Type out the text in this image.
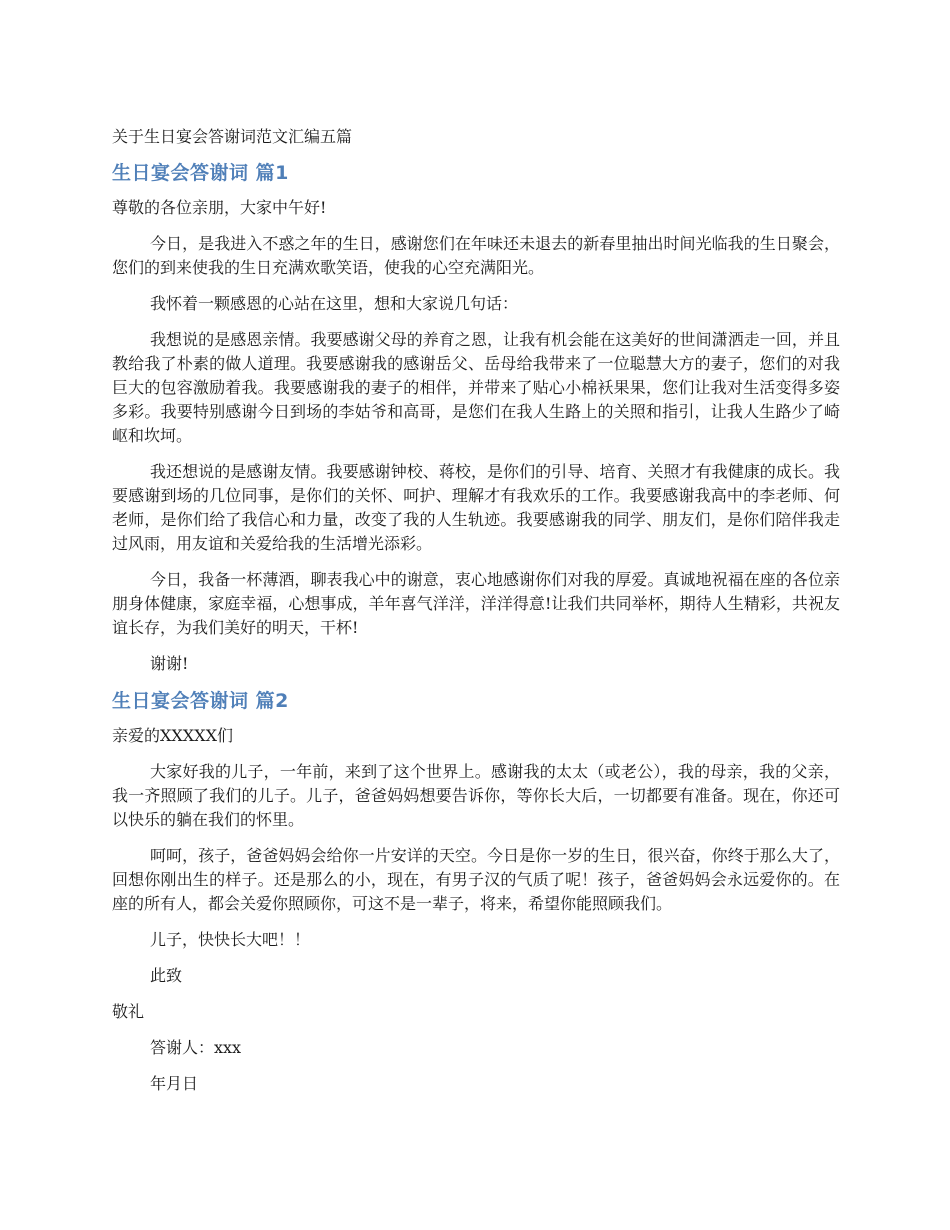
关于生日宴会答谢词范文汇编五篇
生日宴会答谢词 篇1

尊敬的各位亲朋，大家中午好!

今日，是我进入不惑之年的生日，感谢您们在年味还未退去的新春里抽出时间光临我的生日聚会，您们的到来使我的生日充满欢歌笑语，使我的心空充满阳光。

我怀着一颗感恩的心站在这里，想和大家说几句话：

我想说的是感恩亲情。我要感谢父母的养育之恩，让我有机会能在这美好的世间潇洒走一回，并且教给我了朴素的做人道理。我要感谢我的感谢岳父、岳母给我带来了一位聪慧大方的妻子，您们的对我巨大的包容激励着我。我要感谢我的妻子的相伴，并带来了贴心小棉袄果果，您们让我对生活变得多姿多彩。我要特别感谢今日到场的李姑爷和高哥，是您们在我人生路上的关照和指引，让我人生路少了崎岖和坎坷。

我还想说的是感谢友情。我要感谢钟校、蒋校，是你们的引导、培育、关照才有我健康的成长。我要感谢到场的几位同事，是你们的关怀、呵护、理解才有我欢乐的工作。我要感谢我高中的李老师、何老师，是你们给了我信心和力量，改变了我的人生轨迹。我要感谢我的同学、朋友们，是你们陪伴我走过风雨，用友谊和关爱给我的生活增光添彩。

今日，我备一杯薄酒，聊表我心中的谢意，衷心地感谢你们对我的厚爱。真诚地祝福在座的各位亲朋身体健康，家庭幸福，心想事成，羊年喜气洋洋，洋洋得意!让我们共同举杯，期待人生精彩，共祝友谊长存，为我们美好的明天，干杯!

谢谢!

生日宴会答谢词 篇2

亲爱的XXXXX们

大家好我的儿子，一年前，来到了这个世界上。感谢我的太太（或老公），我的母亲，我的父亲，我一齐照顾了我们的儿子。儿子，爸爸妈妈想要告诉你，等你长大后，一切都要有准备。现在，你还可以快乐的躺在我们的怀里。

呵呵，孩子，爸爸妈妈会给你一片安详的天空。今日是你一岁的生日，很兴奋，你终于那么大了，回想你刚出生的样子。还是那么的小，现在，有男子汉的气质了呢！孩子，爸爸妈妈会永远爱你的。在座的所有人，都会关爱你照顾你，可这不是一辈子，将来，希望你能照顾我们。

儿子，快快长大吧！！

此致

敬礼

答谢人：xxx

年月日
